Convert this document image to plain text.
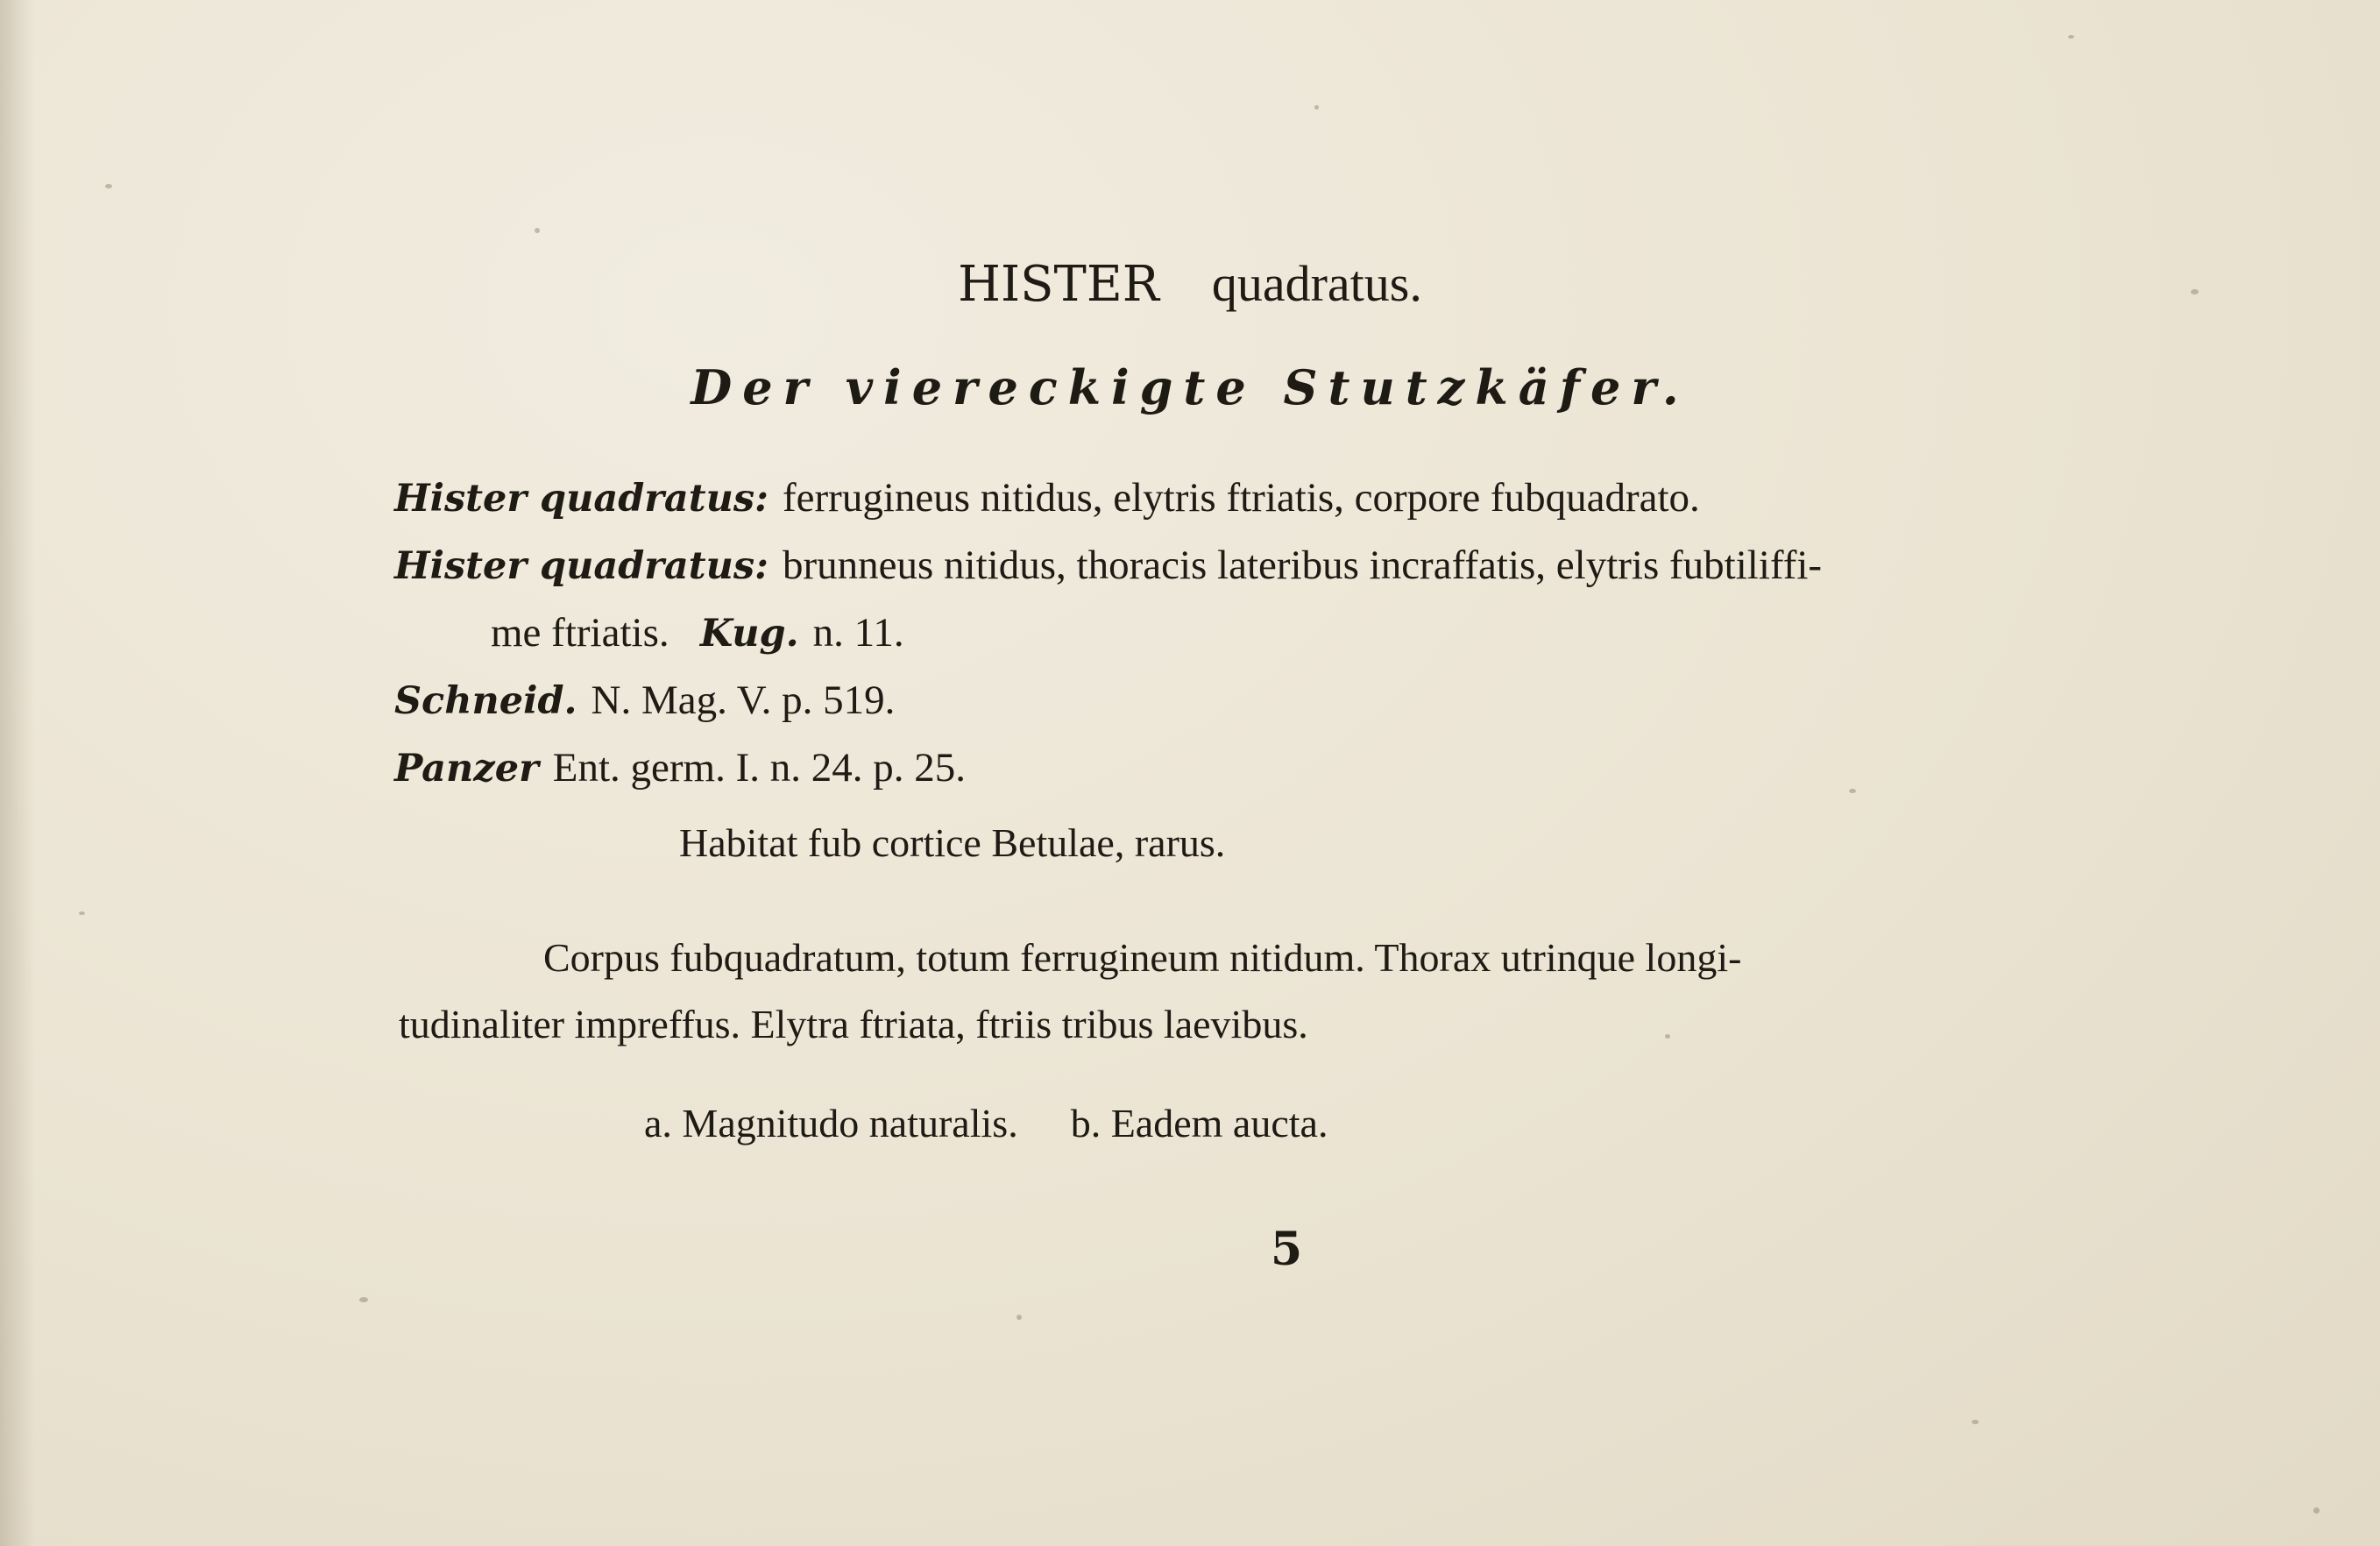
HISTER quadratus.
Der viereckigte Stutzkäfer.
Hister quadratus: ferrugineus nitidus, elytris ftriatis, corpore fubquadrato.
Hister quadratus: brunneus nitidus, thoracis lateribus incraffatis, elytris fubtiliffi-
me ftriatis. Kug. n. 11.
Schneid. N. Mag. V. p. 519.
Panzer Ent. germ. I. n. 24. p. 25.
Habitat fub cortice Betulae, rarus.
Corpus fubquadratum, totum ferrugineum nitidum. Thorax utrinque longi-
tudinaliter impreffus. Elytra ftriata, ftriis tribus laevibus.
a. Magnitudo naturalis. b. Eadem aucta.
5
